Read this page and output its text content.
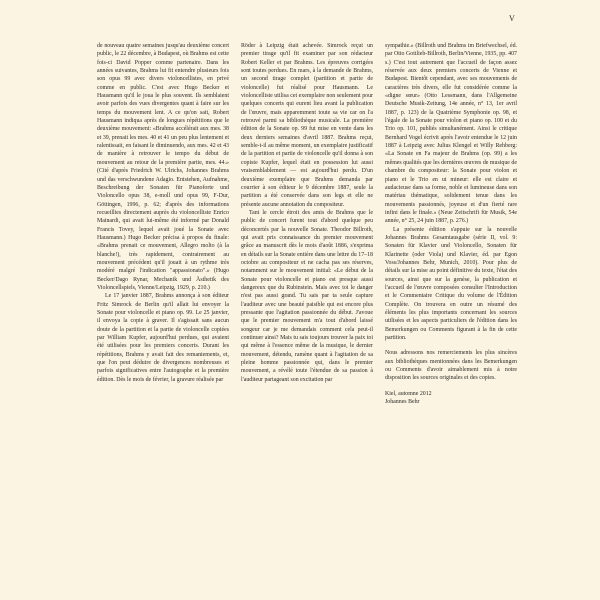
V

de nouveau quatre semaines jusqu'au deuxième concert public, le 22 décembre, à Budapest, où Brahms est cette fois-ci David Popper comme partenaire. Dans les années suivantes, Brahms lui fit entendre plusieurs fois son opus 99 avec divers violoncellistes, en privé comme en public. C'est avec Hugo Becker et Hausmann qu'il le joua le plus souvent. Ils semblaient avoir parfois des vues divergentes quant à faire sur les temps du mouvement lent. A ce qu'on sait, Robert Hausmann indiqua après de longues répétitions que le deuxième mouvement: «Brahms accélérait aux mes. 38 et 39, prenait les mes. 40 et 41 un peu plus lentement et ralentissait, en faisant le diminuendo, aux mes. 42 et 43 de manière à retrouver le tempo du début de mouvement au retour de la première partie, mes. 44.» (Cité d'après Friedrich W. Ulrichs, Johannes Brahms und das verschwundene Adagio. Entstehen, Aufnahme, Beschreibung der Sonaten für Pianoforte und Violoncello opus 38, e-moll und opus 99, F-Dur, Göttingen, 1996, p. 62; d'après des informations recueillies directement auprès du violoncelliste Enrico Mainardi, qui avait lui-même été informé par Donald Francis Tovey, lequel avait joué la Sonate avec Hausmann.) Hugo Becker précisa à propos du finale: «Brahms prenait ce mouvement, Allegro molto (à la blanche!), très rapidement, contrairement au mouvement précédent qu'il jouait à un rythme très modéré malgré l'indication "appassionato".» (Hugo Becker/Dago Rynar, Mechanik und Ästhetik des Violoncellspiels, Vienne/Leipzig, 1929, p. 210.)

Le 17 janvier 1887, Brahms annonça à son éditeur Fritz Simrock de Berlin qu'il allait lui envoyer la Sonate pour violoncelle et piano op. 99. Le 25 janvier, il envoya la copie à graver. Il s'agissait sans aucun doute de la partition et la partie de violoncelle copiées par William Kupfer, aujourd'hui perdues, qui avaient été utilisées pour les premiers concerts. Durant les répétitions, Brahms y avait fait des remaniements, et, que l'on peut déduire de divergences nombreuses et parfois significatives entre l'autographe et la première édition. Dès le mois de février, la gravure réalisée par

Röder à Leipzig était achevée. Simrock reçut un premier tirage qu'il fit examiner par son rédacteur Robert Keller et par Brahms. Les épreuves corrigées sont toutes perdues. En mars, à la demande de Brahms, un second tirage complet (partition et partie de violoncelle) fut réalisé pour Hausmann. Le violoncelliste utilisa cet exemplaire non seulement pour quelques concerts qui eurent lieu avant la publication de l'œuvre, mais apparemment toute sa vie car on l'a retrouvé parmi sa bibliothèque musicale. La première édition de la Sonate op. 99 fut mise en vente dans les deux derniers semaines d'avril 1887. Brahms reçut, semble-t-il au même moment, un exemplaire justificatif de la partition et partie de violoncelle qu'il donna à son copiste Kupfer, lequel était en possession lui aussi vraisemblablement — est aujourd'hui perdu. D'un deuxième exemplaire que Brahms demanda par courrier à son éditeur le 9 décembre 1887, seule la partition a été conservée dans son legs et elle ne présente aucune annotation du compositeur.

Tant le cercle étroit des amis de Brahms que le public de concert furent tout d'abord quelque peu déconcertés par la nouvelle Sonate. Theodor Billroth, qui avait pris connaissance du premier mouvement grâce au manuscrit dès le mois d'août 1886, s'exprima en détails sur la Sonate entière dans une lettre du 17–18 octobre au compositeur et ne cacha pas ses réserves, notamment sur le mouvement initial: «Le début de la Sonate pour violoncelle et piano est presque aussi dangereux que du Rubinstein. Mais avec toi le danger n'est pas aussi grand. Tu sais par ta seule capture l'auditeur avec une beauté paisible qui est encore plus pressante que l'agitation passionnée du début. J'avoue que le premier mouvement m'a tout d'abord laissé songeur car je me demandais comment cela peut-il continuer ainsi? Mais tu sais toujours trouver la paix toi qui même à l'essence même de la musique, le dernier mouvement, détendu, ramène quant à l'agitation de sa pleine homme passionnée qui, dans le premier mouvement, a révélé toute l'étendue de sa passion à l'auditeur partageant son excitation par

sympathie.» (Billroth und Brahms im Briefwechsel, éd. par Otto Gottlieb-Billroth, Berlin/Vienne, 1935, pp. 407 s.) C'est tout autrement que l'accueil de façon assez réservée aux deux premiers concerts de Vienne et Budapest. Bientôt cependant, avec ses mouvements de caractères très divers, elle fut considérée comme la «digne sœur» (Otto Lessmann, dans l'Allgemeine Deutsche Musik-Zeitung, 14e année, n° 13, 1er avril 1887, p. 123) de la Quatrième Symphonie op. 98, et l'égale de la Sonate pour violon et piano op. 100 et du Trio op. 101, publiés simultanément. Ainsi le critique Bernhard Vogel écrivit après l'avoir entendue le 12 juin 1887 à Leipzig avec Julius Klengel et Willy Rehberg: «La Sonate en Fa majeur de Brahms (op. 99) a les mêmes qualités que les dernières œuvres de musique de chambre du compositeur: la Sonate pour violon et piano et le Trio en ut mineur: elle est claire et audacieuse dans sa forme, noble et lumineuse dans son matériau thématique, solidement tenue dans les mouvements passionnés, joyeuse et d'un fierté rare infini dans le finale.» (Neue Zeitschrift für Musik, 54e année, n° 25, 24 juin 1887, p. 276.)

La présente édition s'appuie sur la nouvelle Johannes Brahms Gesamtausgabe (série II, vol. 9: Sonaten für Klavier und Violoncello, Sonaten für Klarinette (oder Viola) und Klavier, éd. par Egon Voss/Johannes Behr, Munich, 2010). Pour plus de détails sur la mise au point définitive du texte, l'état des sources, ainsi que sur la genèse, la publication et l'accueil de l'œuvre composées consulter l'Introduction et le Commentaire Critique du volume de l'Édition Complète. On trouvera en outre un résumé des éléments les plus importants concernant les sources utilisées et les aspects particuliers de l'édition dans les Bemerkungen ou Comments figurant à la fin de cette partition.

Nous adressons nos remerciements les plus sincères aux bibliothèques mentionnées dans les Bemerkungen ou Comments d'avoir aimablement mis à notre disposition les sources originales et des copies.

Kiel, automne 2012
Johannes Behr
